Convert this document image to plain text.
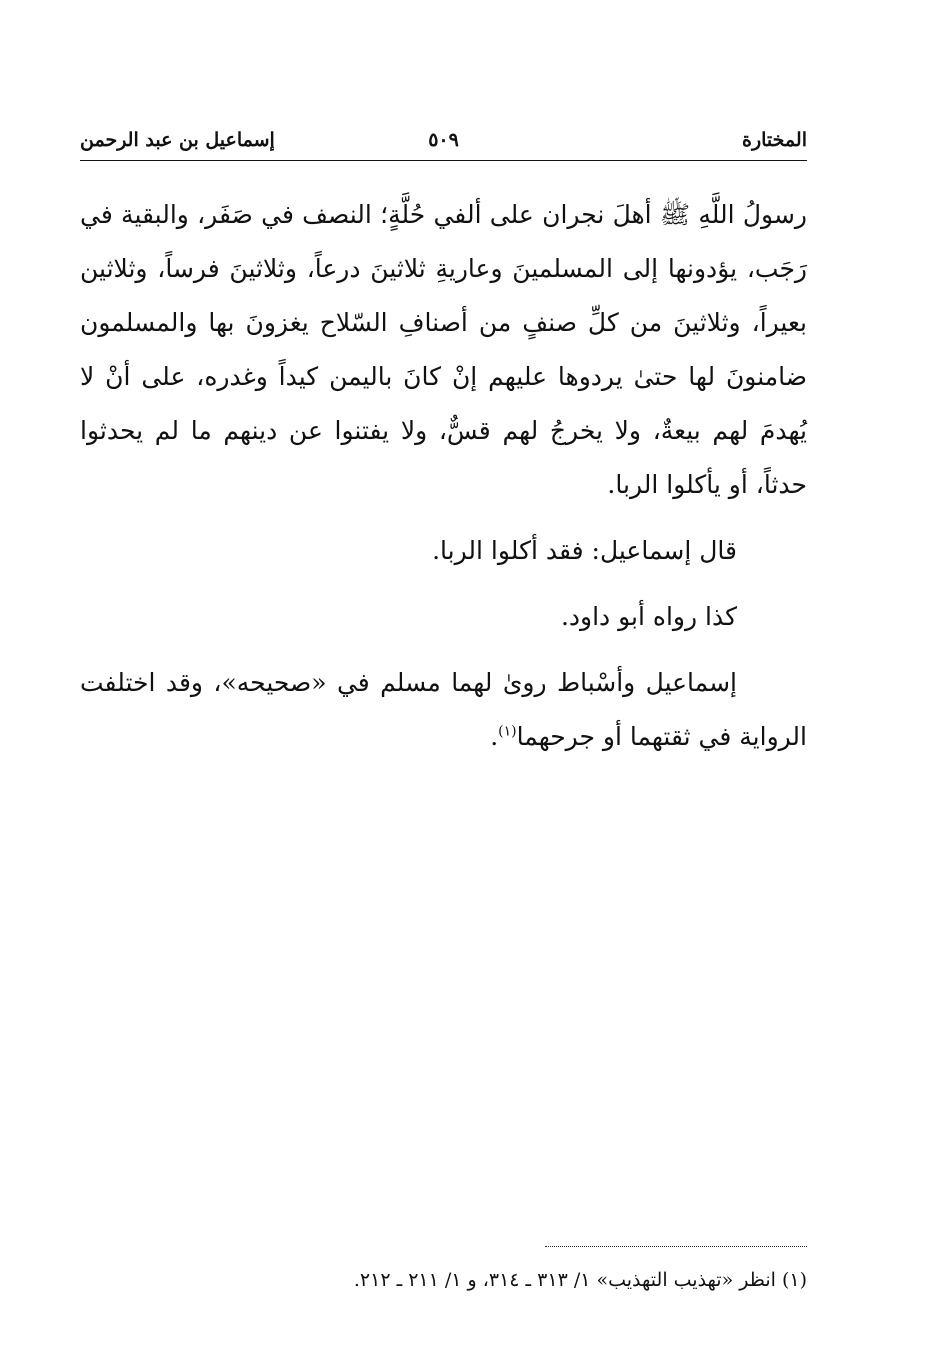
المختارة
٥٠٩
إسماعيل بن عبد الرحمن

رسولُ اللَّهِ ﷺ أهلَ نجران على ألفي حُلَّةٍ؛ النصف في صَفَر، والبقية في رَجَب، يؤدونها إلى المسلمينَ وعاريةِ ثلاثينَ درعاً، وثلاثينَ فرساً، وثلاثين بعيراً، وثلاثينَ من كلِّ صنفٍ من أصنافِ السّلاح يغزونَ بها والمسلمون ضامنونَ لها حتىٰ يردوها عليهم إنْ كانَ باليمن كيداً وغدره، على أنْ لا يُهدمَ لهم بيعةٌ، ولا يخرجُ لهم قسٌّ، ولا يفتنوا عن دينهم ما لم يحدثوا حدثاً، أو يأكلوا الربا.

قال إسماعيل: فقد أكلوا الربا.

كذا رواه أبو داود.

إسماعيل وأسْباط روىٰ لهما مسلم في «صحيحه»، وقد اختلفت الرواية في ثقتهما أو جرحهما$^{(١)}$.

(١) انظر «تهذيب التهذيب» ١/ ٣١٣ ـ ٣١٤، و ١/ ٢١١ ـ ٢١٢.
